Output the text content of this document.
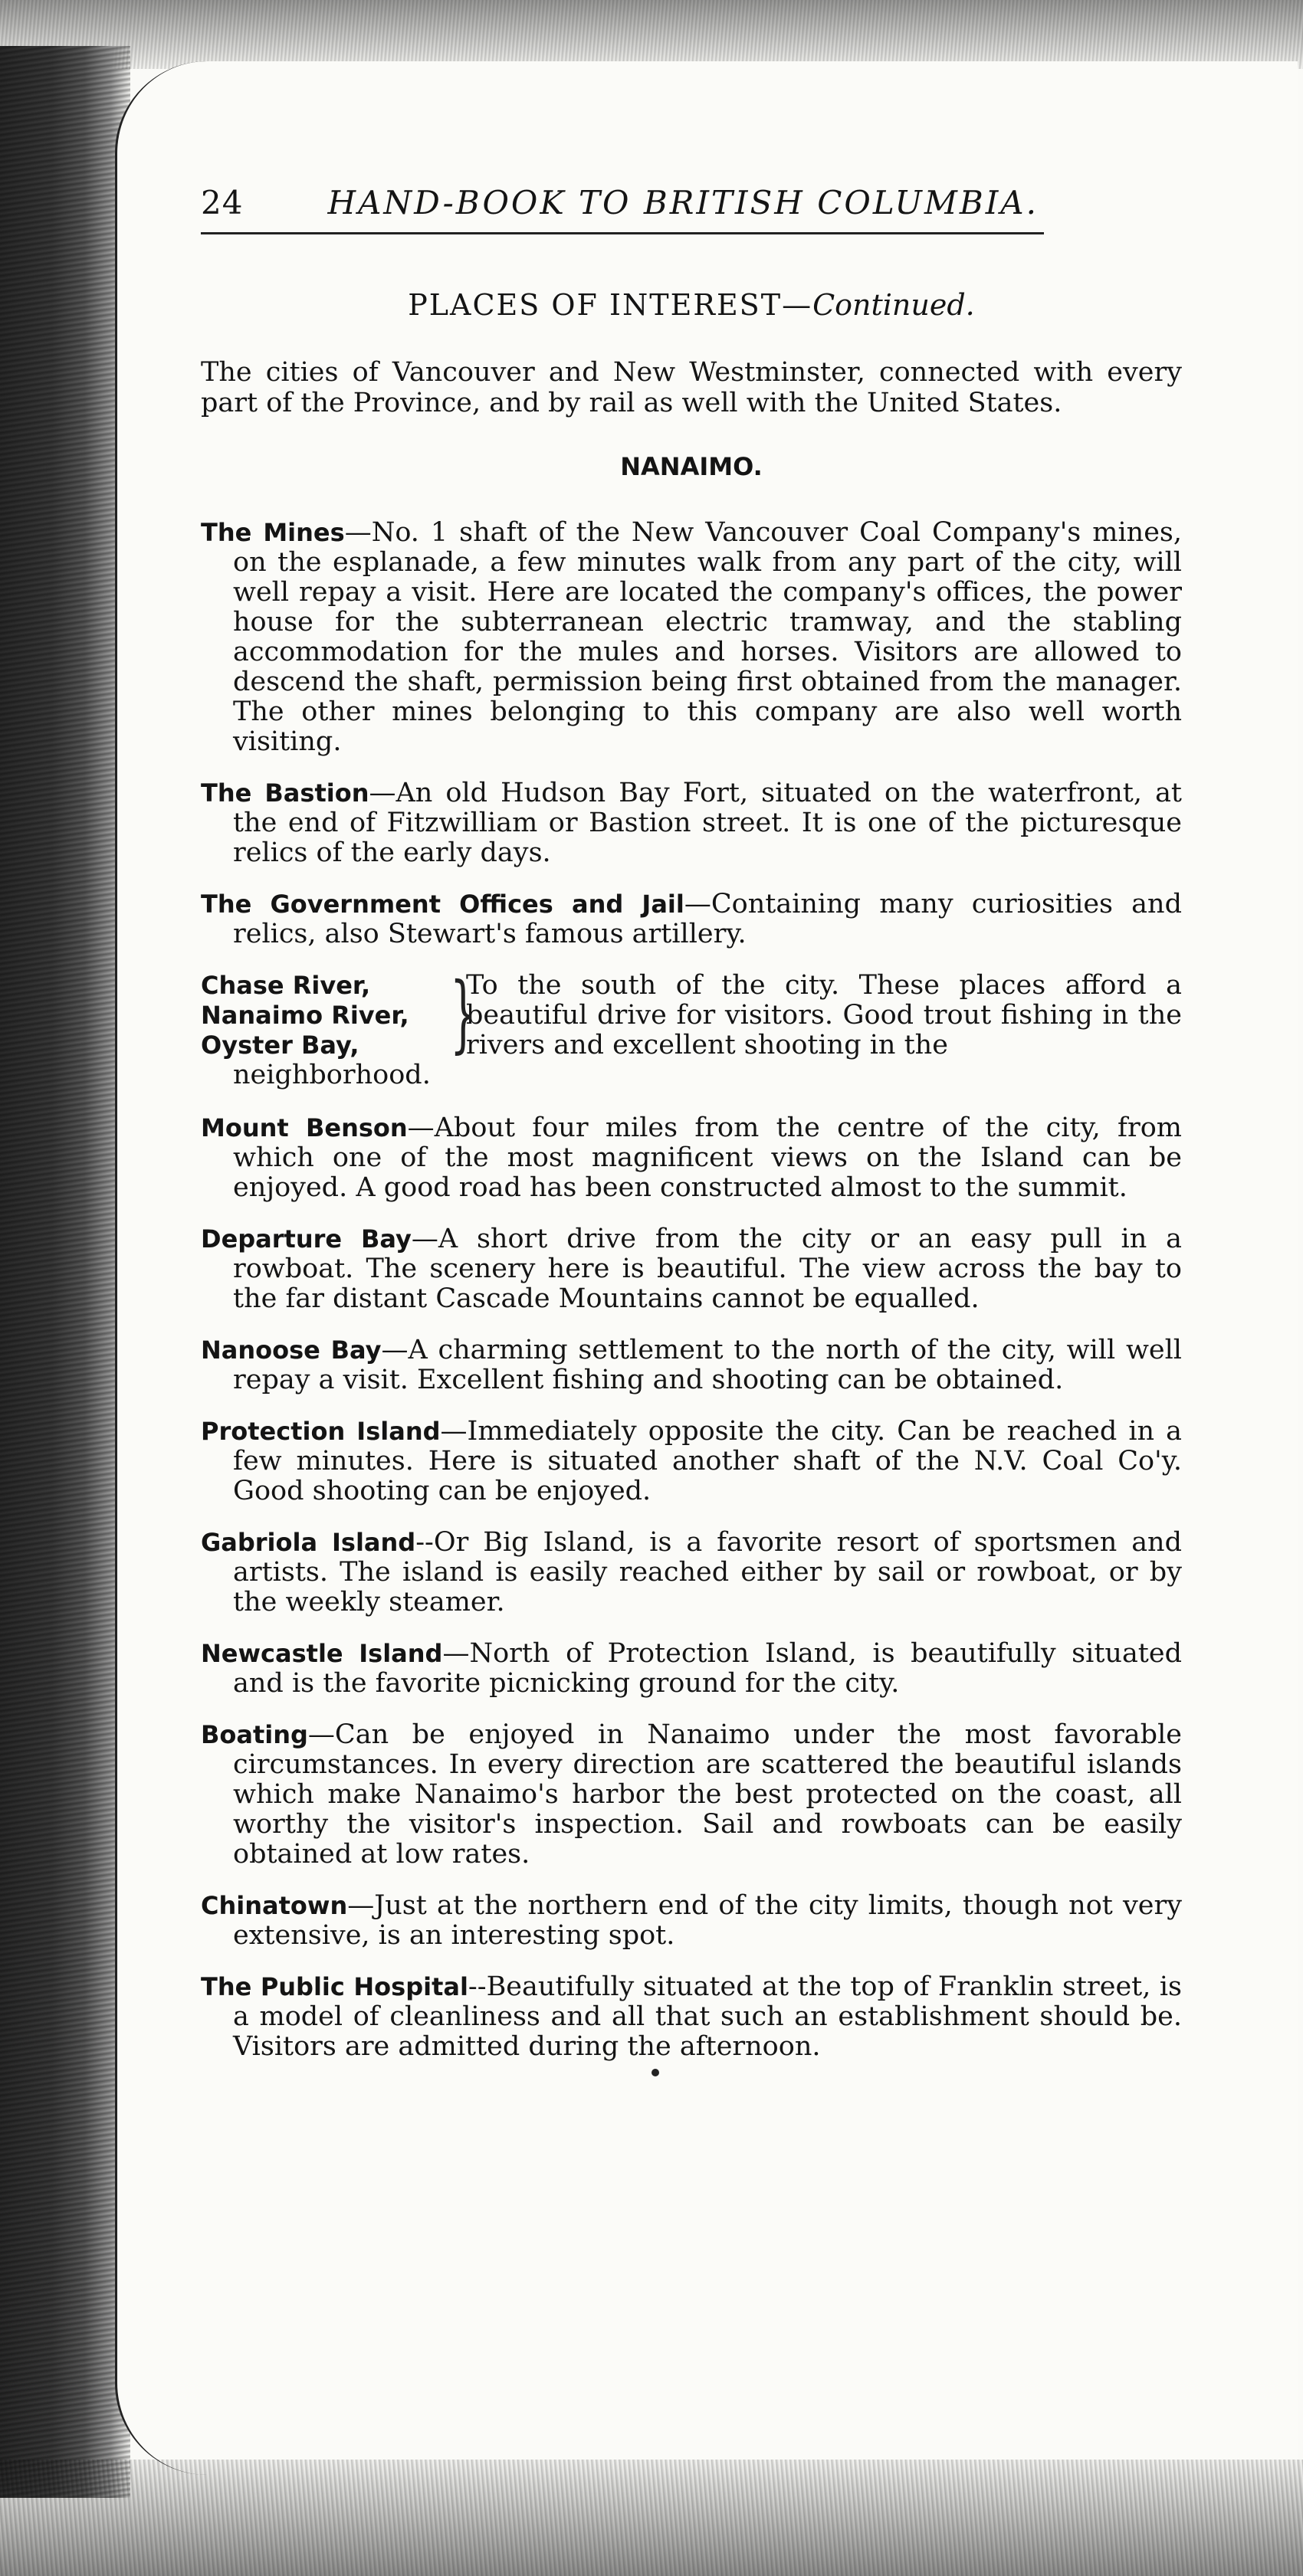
24	HAND-BOOK TO BRITISH COLUMBIA.
PLACES OF INTEREST—Continued.
The cities of Vancouver and New Westminster, connected with every part of the Province, and by rail as well with the United States.
NANAIMO.
The Mines—No. 1 shaft of the New Vancouver Coal Company's mines, on the esplanade, a few minutes walk from any part of the city, will well repay a visit. Here are located the company's offices, the power house for the subterranean electric tramway, and the stabling accommodation for the mules and horses. Visitors are allowed to descend the shaft, permission being first obtained from the manager. The other mines belonging to this company are also well worth visiting.
The Bastion—An old Hudson Bay Fort, situated on the waterfront, at the end of Fitzwilliam or Bastion street. It is one of the picturesque relics of the early days.
The Government Offices and Jail—Containing many curiosities and relics, also Stewart's famous artillery.
Chase River,
Nanaimo River,
Oyster Bay,	}
To the south of the city. These places afford a beautiful drive for visitors. Good trout fishing in the rivers and excellent shooting in the
neighborhood.
Mount Benson—About four miles from the centre of the city, from which one of the most magnificent views on the Island can be enjoyed. A good road has been constructed almost to the summit.
Departure Bay—A short drive from the city or an easy pull in a rowboat. The scenery here is beautiful. The view across the bay to the far distant Cascade Mountains cannot be equalled.
Nanoose Bay—A charming settlement to the north of the city, will well repay a visit. Excellent fishing and shooting can be obtained.
Protection Island—Immediately opposite the city. Can be reached in a few minutes. Here is situated another shaft of the N.V. Coal Co'y. Good shooting can be enjoyed.
Gabriola Island--Or Big Island, is a favorite resort of sportsmen and artists. The island is easily reached either by sail or rowboat, or by the weekly steamer.
Newcastle Island—North of Protection Island, is beautifully situated and is the favorite picnicking ground for the city.
Boating—Can be enjoyed in Nanaimo under the most favorable circumstances. In every direction are scattered the beautiful islands which make Nanaimo's harbor the best protected on the coast, all worthy the visitor's inspection. Sail and rowboats can be easily obtained at low rates.
Chinatown—Just at the northern end of the city limits, though not very extensive, is an interesting spot.
The Public Hospital--Beautifully situated at the top of Franklin street, is a model of cleanliness and all that such an establishment should be. Visitors are admitted during the afternoon.
